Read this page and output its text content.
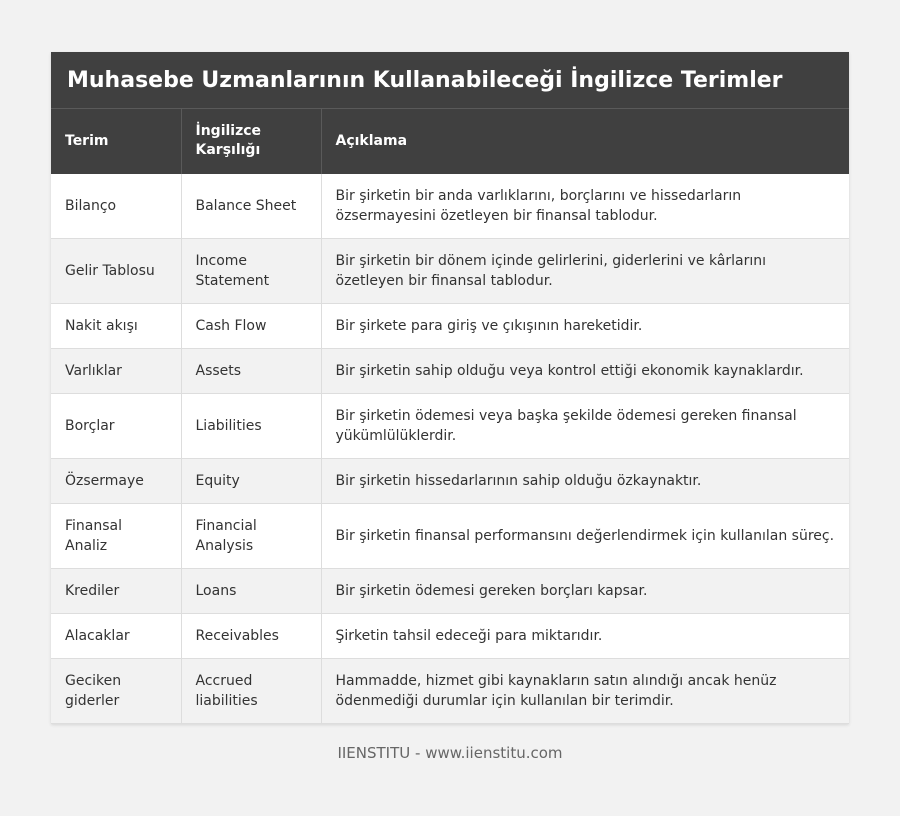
Muhasebe Uzmanlarının Kullanabileceği İngilizce Terimler
Terim	İngilizce Karşılığı	Açıklama
Bilanço	Balance Sheet	Bir şirketin bir anda varlıklarını, borçlarını ve hissedarların özsermayesini özetleyen bir finansal tablodur.
Gelir Tablosu	Income Statement	Bir şirketin bir dönem içinde gelirlerini, giderlerini ve kârlarını özetleyen bir finansal tablodur.
Nakit akışı	Cash Flow	Bir şirkete para giriş ve çıkışının hareketidir.
Varlıklar	Assets	Bir şirketin sahip olduğu veya kontrol ettiği ekonomik kaynaklardır.
Borçlar	Liabilities	Bir şirketin ödemesi veya başka şekilde ödemesi gereken finansal yükümlülüklerdir.
Özsermaye	Equity	Bir şirketin hissedarlarının sahip olduğu özkaynaktır.
Finansal Analiz	Financial Analysis	Bir şirketin finansal performansını değerlendirmek için kullanılan süreç.
Krediler	Loans	Bir şirketin ödemesi gereken borçları kapsar.
Alacaklar	Receivables	Şirketin tahsil edeceği para miktarıdır.
Geciken giderler	Accrued liabilities	Hammadde, hizmet gibi kaynakların satın alındığı ancak henüz ödenmediği durumlar için kullanılan bir terimdir.
IIENSTITU - www.iienstitu.com
